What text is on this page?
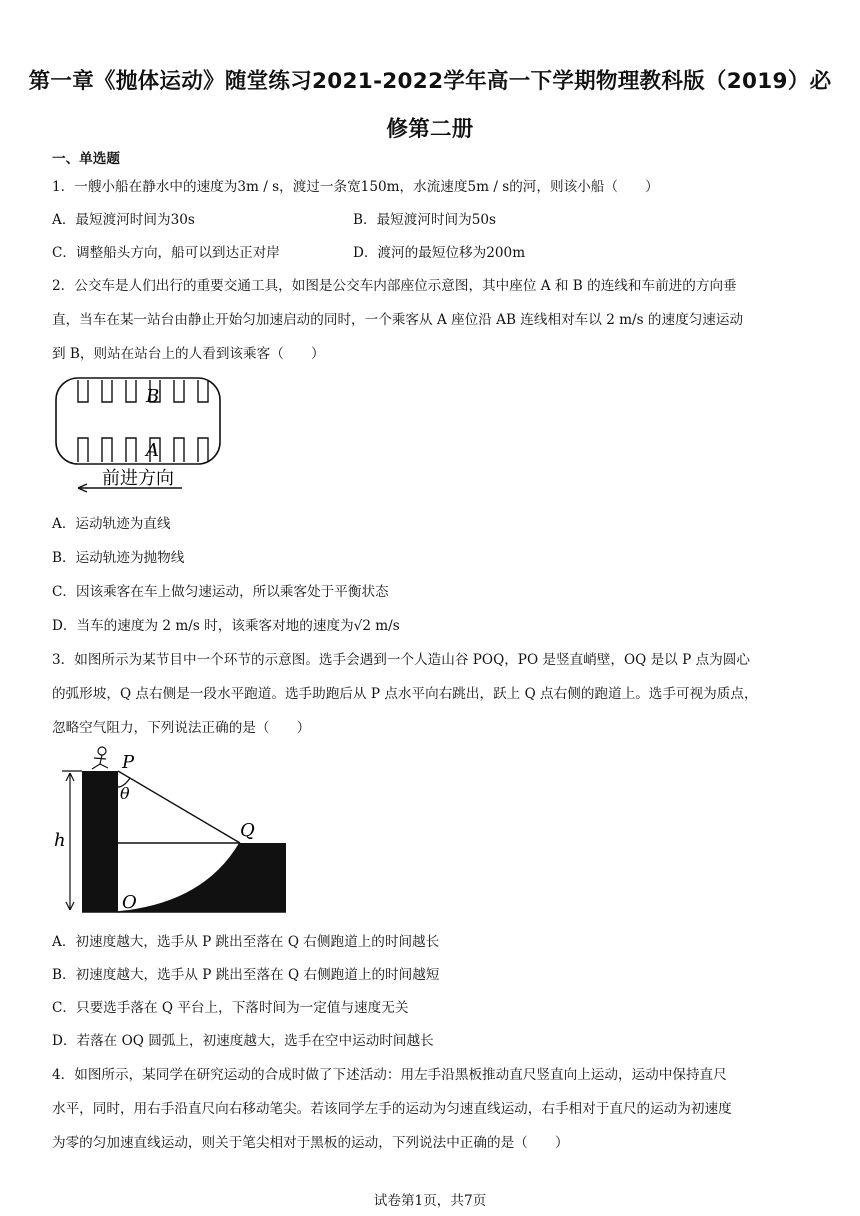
第一章《抛体运动》随堂练习2021-2022学年高一下学期物理教科版（2019）必
修第二册
一、单选题
1．一艘小船在静水中的速度为3m / s，渡过一条宽150m，水流速度5m / s的河，则该小船（　　）
A．最短渡河时间为30s	B．最短渡河时间为50s
C．调整船头方向，船可以到达正对岸	D．渡河的最短位移为200m
2．公交车是人们出行的重要交通工具，如图是公交车内部座位示意图，其中座位 A 和 B 的连线和车前进的方向垂
直，当车在某一站台由静止开始匀加速启动的同时，一个乘客从 A 座位沿 AB 连线相对车以 2 m/s 的速度匀速运动
到 B，则站在站台上的人看到该乘客（　　）
B
A
前进方向
A．运动轨迹为直线
B．运动轨迹为抛物线
C．因该乘客在车上做匀速运动，所以乘客处于平衡状态
D．当车的速度为 2 m/s 时，该乘客对地的速度为√2 m/s
3．如图所示为某节目中一个环节的示意图。选手会遇到一个人造山谷 POQ，PO 是竖直峭壁，OQ 是以 P 点为圆心
的弧形坡，Q 点右侧是一段水平跑道。选手助跑后从 P 点水平向右跳出，跃上 Q 点右侧的跑道上。选手可视为质点，
忽略空气阻力，下列说法正确的是（　　）
P
θ
Q
h
O
A．初速度越大，选手从 P 跳出至落在 Q 右侧跑道上的时间越长
B．初速度越大，选手从 P 跳出至落在 Q 右侧跑道上的时间越短
C．只要选手落在 Q 平台上，下落时间为一定值与速度无关
D．若落在 OQ 圆弧上，初速度越大，选手在空中运动时间越长
4．如图所示，某同学在研究运动的合成时做了下述活动：用左手沿黑板推动直尺竖直向上运动，运动中保持直尺
水平，同时，用右手沿直尺向右移动笔尖。若该同学左手的运动为匀速直线运动，右手相对于直尺的运动为初速度
为零的匀加速直线运动，则关于笔尖相对于黑板的运动，下列说法中正确的是（　　）
试卷第1页，共7页
